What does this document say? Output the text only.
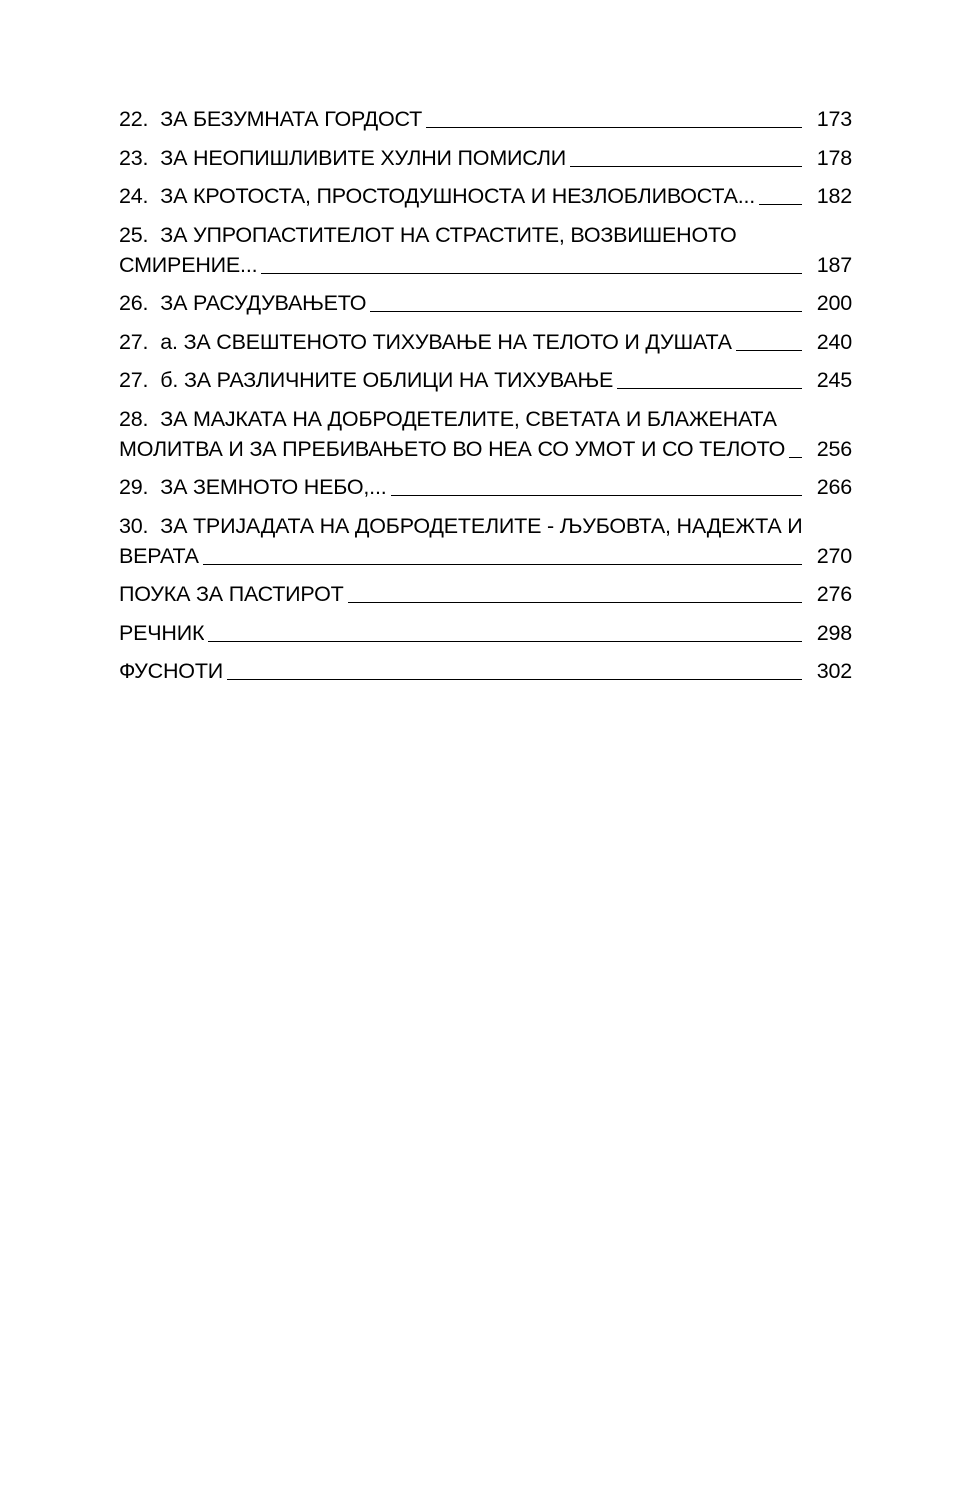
22. ЗА БЕЗУМНАТА ГОРДОСТ	173
23. ЗА НЕОПИШЛИВИТЕ ХУЛНИ ПОМИСЛИ	178
24. ЗА КРОТОСТА, ПРОСТОДУШНОСТА И НЕЗЛОБЛИВОСТА...	182
25. ЗА УПРОПАСТИТЕЛОТ НА СТРАСТИТЕ, ВОЗВИШЕНОТО
СМИРЕНИЕ...	187
26. ЗА РАСУДУВАЊЕТО	200
27. а. ЗА СВЕШТЕНОТО ТИХУВАЊЕ НА ТЕЛОТО И ДУШАТА	240
27. б. ЗА РАЗЛИЧНИТЕ ОБЛИЦИ НА ТИХУВАЊЕ	245
28. ЗА МАЈКАТА НА ДОБРОДЕТЕЛИТЕ, СВЕТАТА И БЛАЖЕНАТА
МОЛИТВА И ЗА ПРЕБИВАЊЕТО ВО НЕА СО УМОТ И СО ТЕЛОТО 256
29. ЗА ЗЕМНОТО НЕБО,...	266
30. ЗА ТРИЈАДАТА НА ДОБРОДЕТЕЛИТЕ - ЉУБОВТА, НАДЕЖТА И
ВЕРАТА	270
ПОУКА ЗА ПАСТИРОТ	276
РЕЧНИК	298
ФУСНОТИ	302
